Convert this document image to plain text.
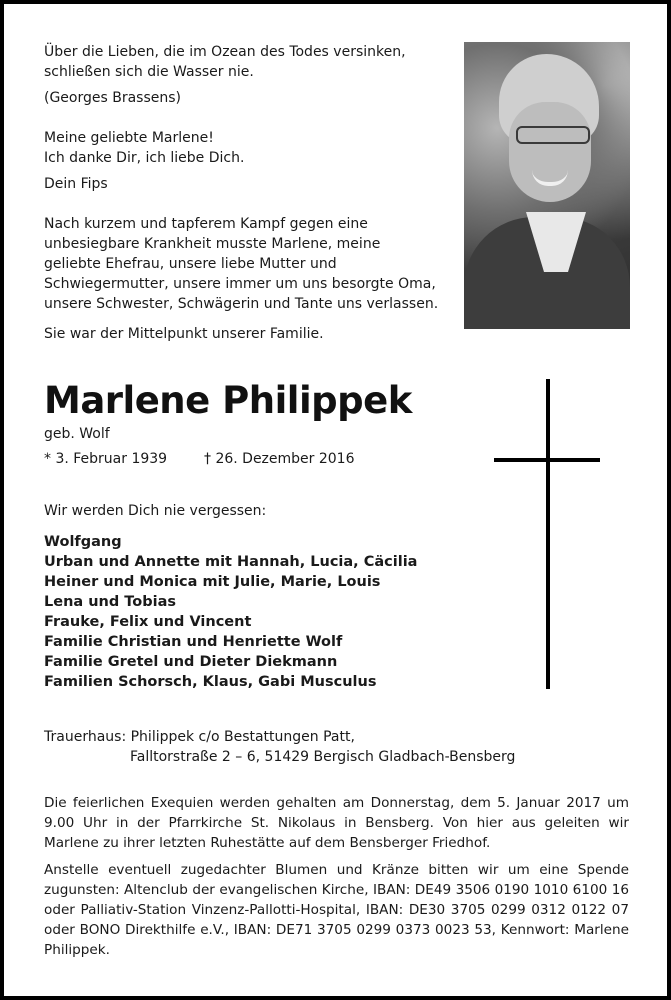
Über die Lieben, die im Ozean des Todes versinken,
schließen sich die Wasser nie.
(Georges Brassens)
Meine geliebte Marlene!
Ich danke Dir, ich liebe Dich.
Dein Fips
Nach kurzem und tapferem Kampf gegen eine
unbesiegbare Krankheit musste Marlene, meine
geliebte Ehefrau, unsere liebe Mutter und
Schwiegermutter, unsere immer um uns besorgte Oma,
unsere Schwester, Schwägerin und Tante uns verlassen.
Sie war der Mittelpunkt unserer Familie.
Marlene Philippek
geb. Wolf
* 3. Februar 1939	† 26. Dezember 2016
Wir werden Dich nie vergessen:
Wolfgang
Urban und Annette mit Hannah, Lucia, Cäcilia
Heiner und Monica mit Julie, Marie, Louis
Lena und Tobias
Frauke, Felix und Vincent
Familie Christian und Henriette Wolf
Familie Gretel und Dieter Diekmann
Familien Schorsch, Klaus, Gabi Musculus
Trauerhaus: Philippek c/o Bestattungen Patt,
Falltorstraße 2 – 6, 51429 Bergisch Gladbach-Bensberg
Die feierlichen Exequien werden gehalten am Donnerstag, dem 5. Januar 2017 um 9.00 Uhr in der Pfarrkirche St. Nikolaus in Bensberg. Von hier aus geleiten wir Marlene zu ihrer letzten Ruhestätte auf dem Bensberger Friedhof.
Anstelle eventuell zugedachter Blumen und Kränze bitten wir um eine Spende zugunsten: Altenclub der evangelischen Kirche, IBAN: DE49 3506 0190 1010 6100 16 oder Palliativ-Station Vinzenz-Pallotti-Hospital, IBAN: DE30 3705 0299 0312 0122 07 oder BONO Direkthilfe e.V., IBAN: DE71 3705 0299 0373 0023 53, Kennwort: Marlene Philippek.
